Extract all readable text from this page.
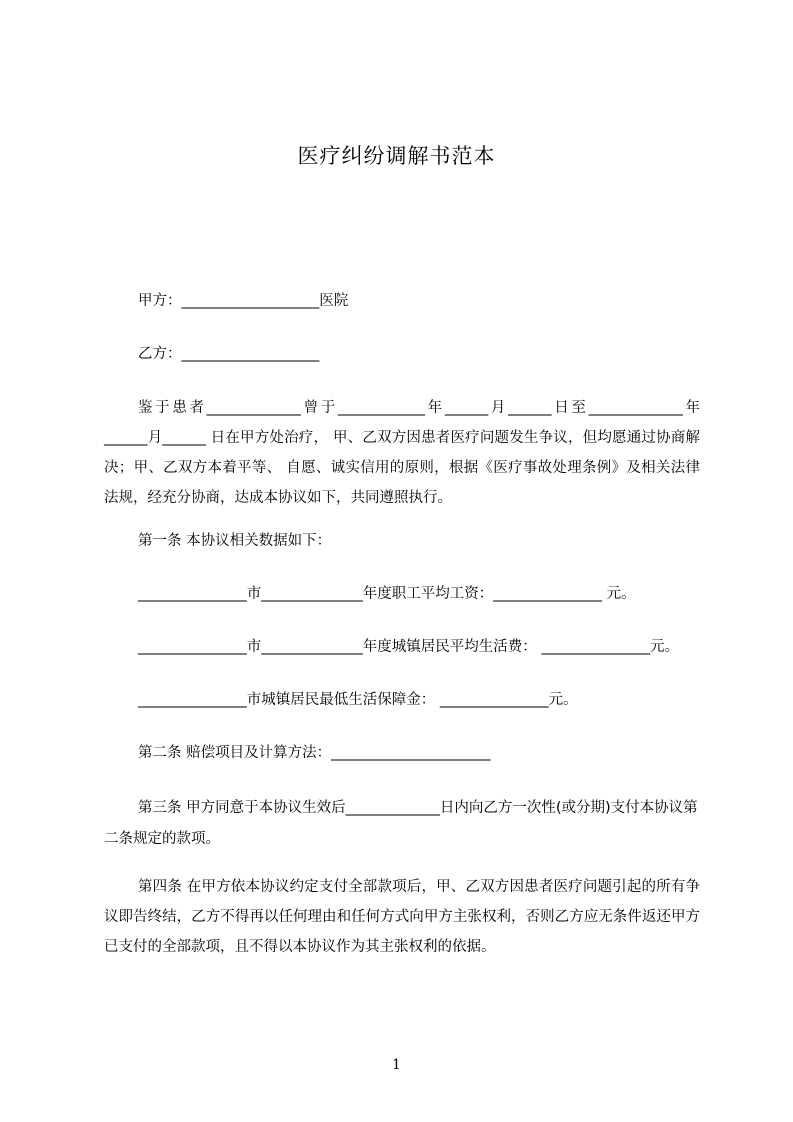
医疗纠纷调解书范本
甲方：___________________医院
乙方：___________________
鉴于患者_____________曾于____________年______月______日至_____________年______月______ 日在甲方处治疗， 甲、乙双方因患者医疗问题发生争议，但均愿通过协商解决；甲、乙双方本着平等、 自愿、诚实信用的原则，根据《医疗事故处理条例》及相关法律法规，经充分协商，达成本协议如下，共同遵照执行。
第一条 本协议相关数据如下：
_______________市______________年度职工平均工资：_______________ 元。
_______________市______________年度城镇居民平均生活费： _______________元。
_______________市城镇居民最低生活保障金： _______________元。
第二条 赔偿项目及计算方法：______________________
第三条 甲方同意于本协议生效后_____________日内向乙方一次性(或分期)支付本协议第二条规定的款项。
第四条 在甲方依本协议约定支付全部款项后，甲、乙双方因患者医疗问题引起的所有争议即告终结，乙方不得再以任何理由和任何方式向甲方主张权利，否则乙方应无条件返还甲方已支付的全部款项，且不得以本协议作为其主张权利的依据。
1
